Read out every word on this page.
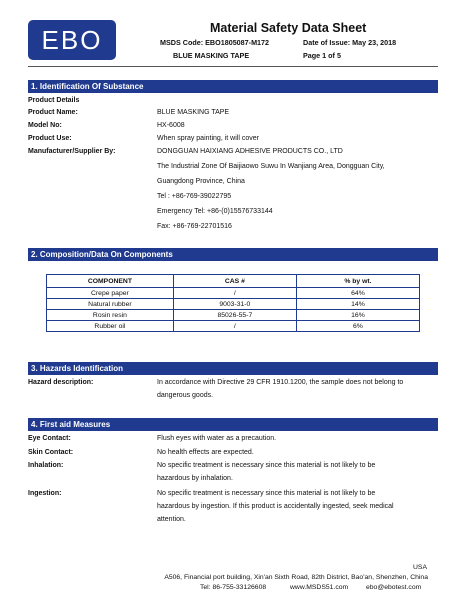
EBO	Material Safety Data Sheet
MSDS Code: EBO1805087-M172	Date of Issue: May 23, 2018
BLUE MASKING TAPE	Page 1 of 5
1. Identification Of Substance
Product Details
Product Name:	BLUE MASKING TAPE
Model No:	HX-6008
Product Use:	When spray painting, it will cover
Manufacturer/Supplier By:	DONGGUAN HAIXIANG ADHESIVE PRODUCTS CO., LTD
The Industrial Zone Of Baijiaowo Suwu In Wanjiang Area, Dongguan City,
Guangdong Province, China
Tel : +86-769-39022795
Emergency Tel: +86-(0)15576733144
Fax: +86-769-22701516
2. Composition/Data On Components
COMPONENT	CAS #	% by wt.
Crepe paper	/	64%
Natural rubber	9003-31-0	14%
Rosin resin	85026-55-7	16%
Rubber oil	/	6%
3. Hazards Identification
Hazard description:	In accordance with Directive 29 CFR 1910.1200, the sample does not belong to
dangerous goods.
4. First aid Measures
Eye Contact:	Flush eyes with water as a precaution.
Skin Contact:	No health effects are expected.
Inhalation:	No specific treatment is necessary since this material is not likely to be
hazardous by inhalation.
Ingestion:	No specific treatment is necessary since this material is not likely to be
hazardous by ingestion. If this product is accidentally ingested, seek medical
attention.
USA
A506, Financial port building, Xin'an Sixth Road, 82th District, Bao'an, Shenzhen, China
Tel: 86-755-33126608	www.MSDS51.com	ebo@ebotest.com
